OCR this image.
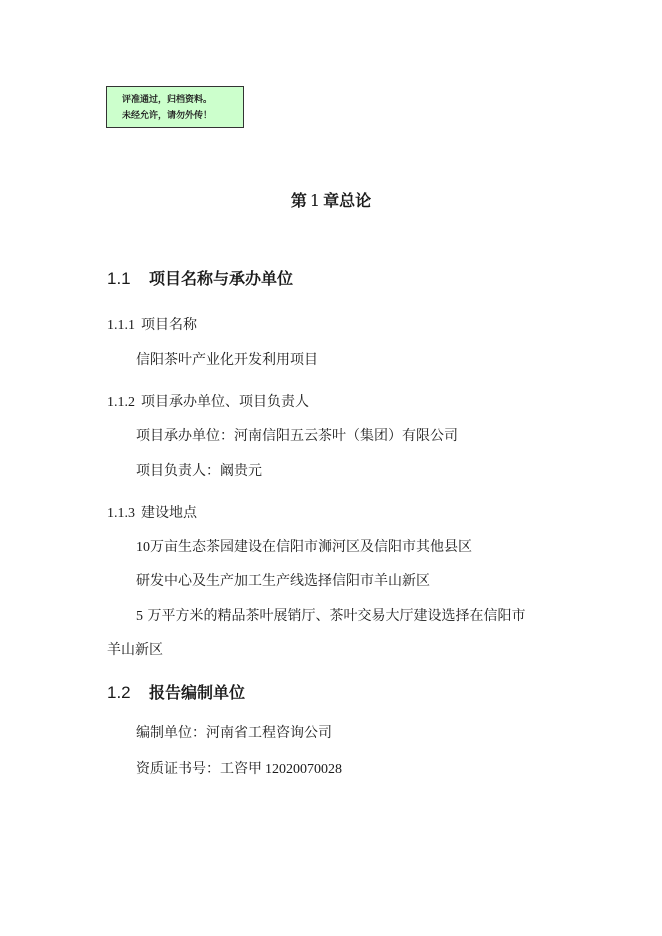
评准通过，归档资料。
未经允许，请勿外传！
第 1 章总论
1.1 项目名称与承办单位
1.1.1 项目名称
信阳茶叶产业化开发利用项目
1.1.2 项目承办单位、项目负责人
项目承办单位：河南信阳五云茶叶（集团）有限公司
项目负责人：阚贵元
1.1.3 建设地点
10万亩生态茶园建设在信阳市浉河区及信阳市其他县区
研发中心及生产加工生产线选择信阳市羊山新区
5 万平方米的精品茶叶展销厅、茶叶交易大厅建设选择在信阳市
羊山新区
1.2 报告编制单位
编制单位：河南省工程咨询公司
资质证书号：工咨甲 12020070028
